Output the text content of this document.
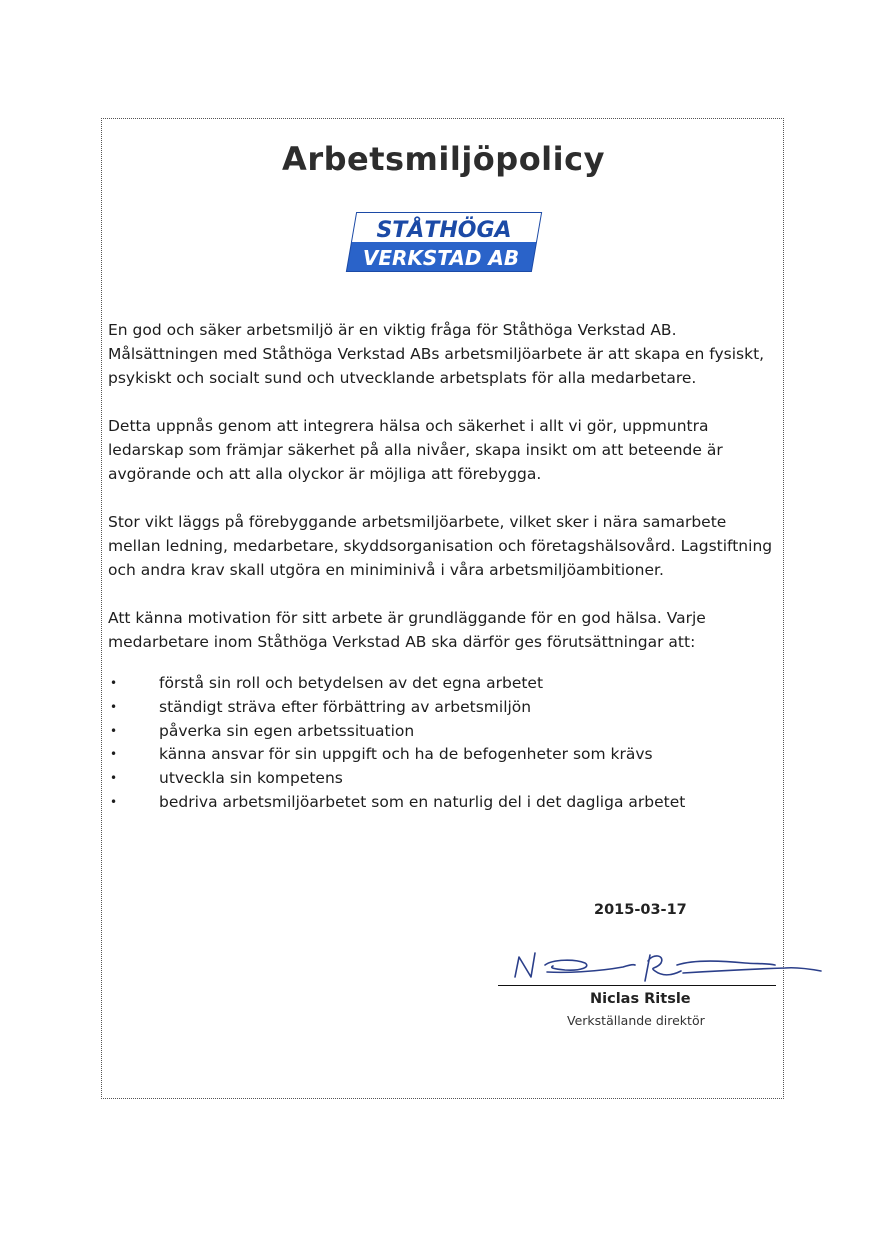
Arbetsmiljöpolicy
STÅTHÖGA
VERKSTAD AB

En god och säker arbetsmiljö är en viktig fråga för Ståthöga Verkstad AB. Målsättningen med Ståthöga Verkstad ABs arbetsmiljöarbete är att skapa en fysiskt, psykiskt och socialt sund och utvecklande arbetsplats för alla medarbetare.

Detta uppnås genom att integrera hälsa och säkerhet i allt vi gör, uppmuntra ledarskap som främjar säkerhet på alla nivåer, skapa insikt om att beteende är avgörande och att alla olyckor är möjliga att förebygga.

Stor vikt läggs på förebyggande arbetsmiljöarbete, vilket sker i nära samarbete mellan ledning, medarbetare, skyddsorganisation och företagshälsovård. Lagstiftning och andra krav skall utgöra en miniminivå i våra arbetsmiljöambitioner.

Att känna motivation för sitt arbete är grundläggande för en god hälsa. Varje medarbetare inom Ståthöga Verkstad AB ska därför ges förutsättningar att:

•	förstå sin roll och betydelsen av det egna arbetet
•	ständigt sträva efter förbättring av arbetsmiljön
•	påverka sin egen arbetssituation
•	känna ansvar för sin uppgift och ha de befogenheter som krävs
•	utveckla sin kompetens
•	bedriva arbetsmiljöarbetet som en naturlig del i det dagliga arbetet
2015-03-17
Niclas Ritsle
Verkställande direktör
